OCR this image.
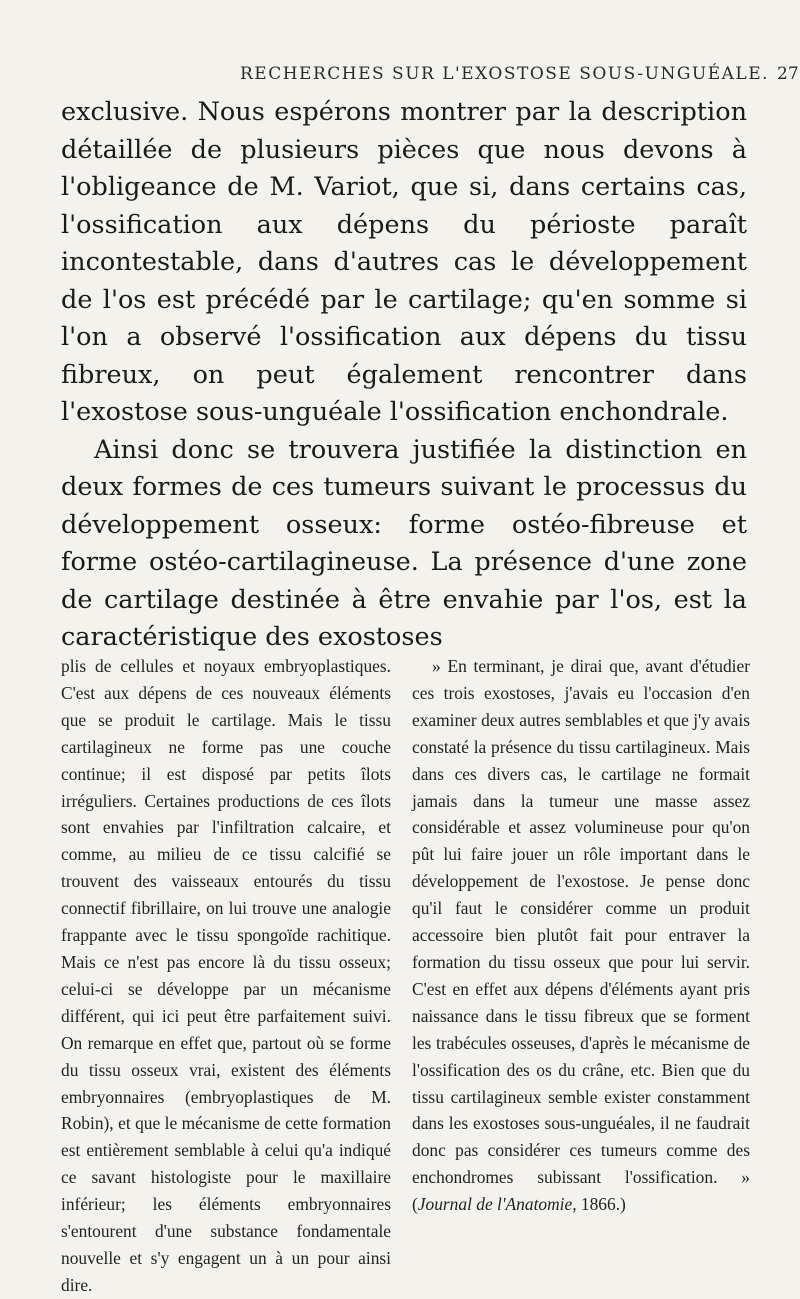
RECHERCHES SUR L'EXOSTOSE SOUS-UNGUÉALE. 27

exclusive. Nous espérons montrer par la description détaillée de plusieurs pièces que nous devons à l'obligeance de M. Variot, que si, dans certains cas, l'ossification aux dépens du périoste paraît incontestable, dans d'autres cas le développement de l'os est précédé par le cartilage; qu'en somme si l'on a observé l'ossification aux dépens du tissu fibreux, on peut également rencontrer dans l'exostose sous-unguéale l'ossification enchondrale.

Ainsi donc se trouvera justifiée la distinction en deux formes de ces tumeurs suivant le processus du développement osseux: forme ostéo-fibreuse et forme ostéo-cartilagineuse. La présence d'une zone de cartilage destinée à être envahie par l'os, est la caractéristique des exostoses

plis de cellules et noyaux embryoplastiques. C'est aux dépens de ces nouveaux éléments que se produit le cartilage. Mais le tissu cartilagineux ne forme pas une couche continue; il est disposé par petits îlots irréguliers. Certaines productions de ces îlots sont envahies par l'infiltration calcaire, et comme, au milieu de ce tissu calcifié se trouvent des vaisseaux entourés du tissu connectif fibrillaire, on lui trouve une analogie frappante avec le tissu spongoïde rachitique. Mais ce n'est pas encore là du tissu osseux; celui-ci se développe par un mécanisme différent, qui ici peut être parfaitement suivi. On remarque en effet que, partout où se forme du tissu osseux vrai, existent des éléments embryonnaires (embryoplastiques de M. Robin), et que le mécanisme de cette formation est entièrement semblable à celui qu'a indiqué ce savant histologiste pour le maxillaire inférieur; les éléments embryonnaires s'entourent d'une substance fondamentale nouvelle et s'y engagent un à un pour ainsi dire.

» En terminant, je dirai que, avant d'étudier ces trois exostoses, j'avais eu l'occasion d'en examiner deux autres semblables et que j'y avais constaté la présence du tissu cartilagineux. Mais dans ces divers cas, le cartilage ne formait jamais dans la tumeur une masse assez considérable et assez volumineuse pour qu'on pût lui faire jouer un rôle important dans le développement de l'exostose. Je pense donc qu'il faut le considérer comme un produit accessoire bien plutôt fait pour entraver la formation du tissu osseux que pour lui servir. C'est en effet aux dépens d'éléments ayant pris naissance dans le tissu fibreux que se forment les trabécules osseuses, d'après le mécanisme de l'ossification des os du crâne, etc. Bien que du tissu cartilagineux semble exister constamment dans les exostoses sous-unguéales, il ne faudrait donc pas considérer ces tumeurs comme des enchondromes subissant l'ossification. » (Journal de l'Anatomie, 1866.)
